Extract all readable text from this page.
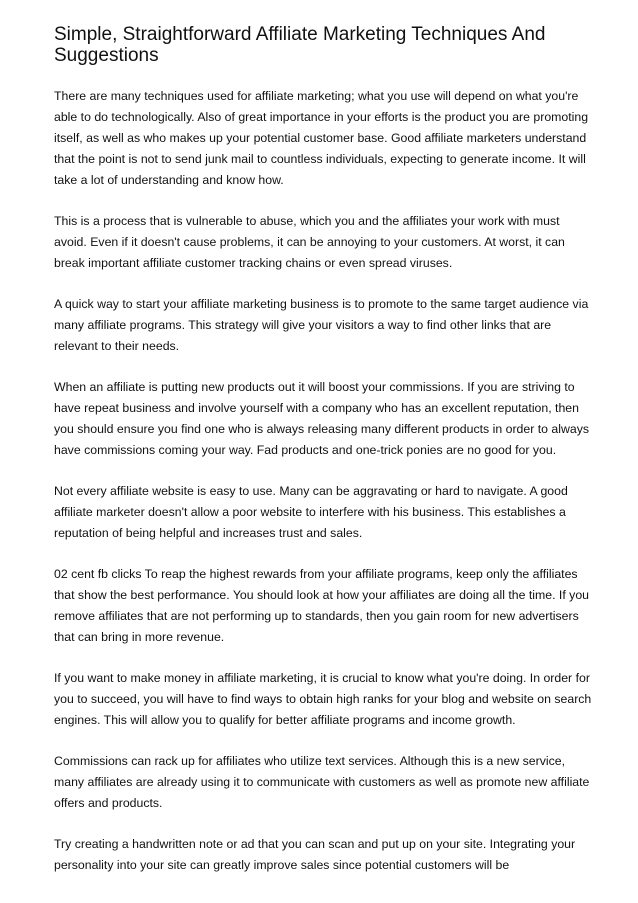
Simple, Straightforward Affiliate Marketing Techniques And Suggestions

There are many techniques used for affiliate marketing; what you use will depend on what you're able to do technologically. Also of great importance in your efforts is the product you are promoting itself, as well as who makes up your potential customer base. Good affiliate marketers understand that the point is not to send junk mail to countless individuals, expecting to generate income. It will take a lot of understanding and know how.

This is a process that is vulnerable to abuse, which you and the affiliates your work with must avoid. Even if it doesn't cause problems, it can be annoying to your customers. At worst, it can break important affiliate customer tracking chains or even spread viruses.

A quick way to start your affiliate marketing business is to promote to the same target audience via many affiliate programs. This strategy will give your visitors a way to find other links that are relevant to their needs.

When an affiliate is putting new products out it will boost your commissions. If you are striving to have repeat business and involve yourself with a company who has an excellent reputation, then you should ensure you find one who is always releasing many different products in order to always have commissions coming your way. Fad products and one-trick ponies are no good for you.

Not every affiliate website is easy to use. Many can be aggravating or hard to navigate. A good affiliate marketer doesn't allow a poor website to interfere with his business. This establishes a reputation of being helpful and increases trust and sales.

02 cent fb clicks To reap the highest rewards from your affiliate programs, keep only the affiliates that show the best performance. You should look at how your affiliates are doing all the time. If you remove affiliates that are not performing up to standards, then you gain room for new advertisers that can bring in more revenue.

If you want to make money in affiliate marketing, it is crucial to know what you're doing. In order for you to succeed, you will have to find ways to obtain high ranks for your blog and website on search engines. This will allow you to qualify for better affiliate programs and income growth.

Commissions can rack up for affiliates who utilize text services. Although this is a new service, many affiliates are already using it to communicate with customers as well as promote new affiliate offers and products.

Try creating a handwritten note or ad that you can scan and put up on your site. Integrating your personality into your site can greatly improve sales since potential customers will be
